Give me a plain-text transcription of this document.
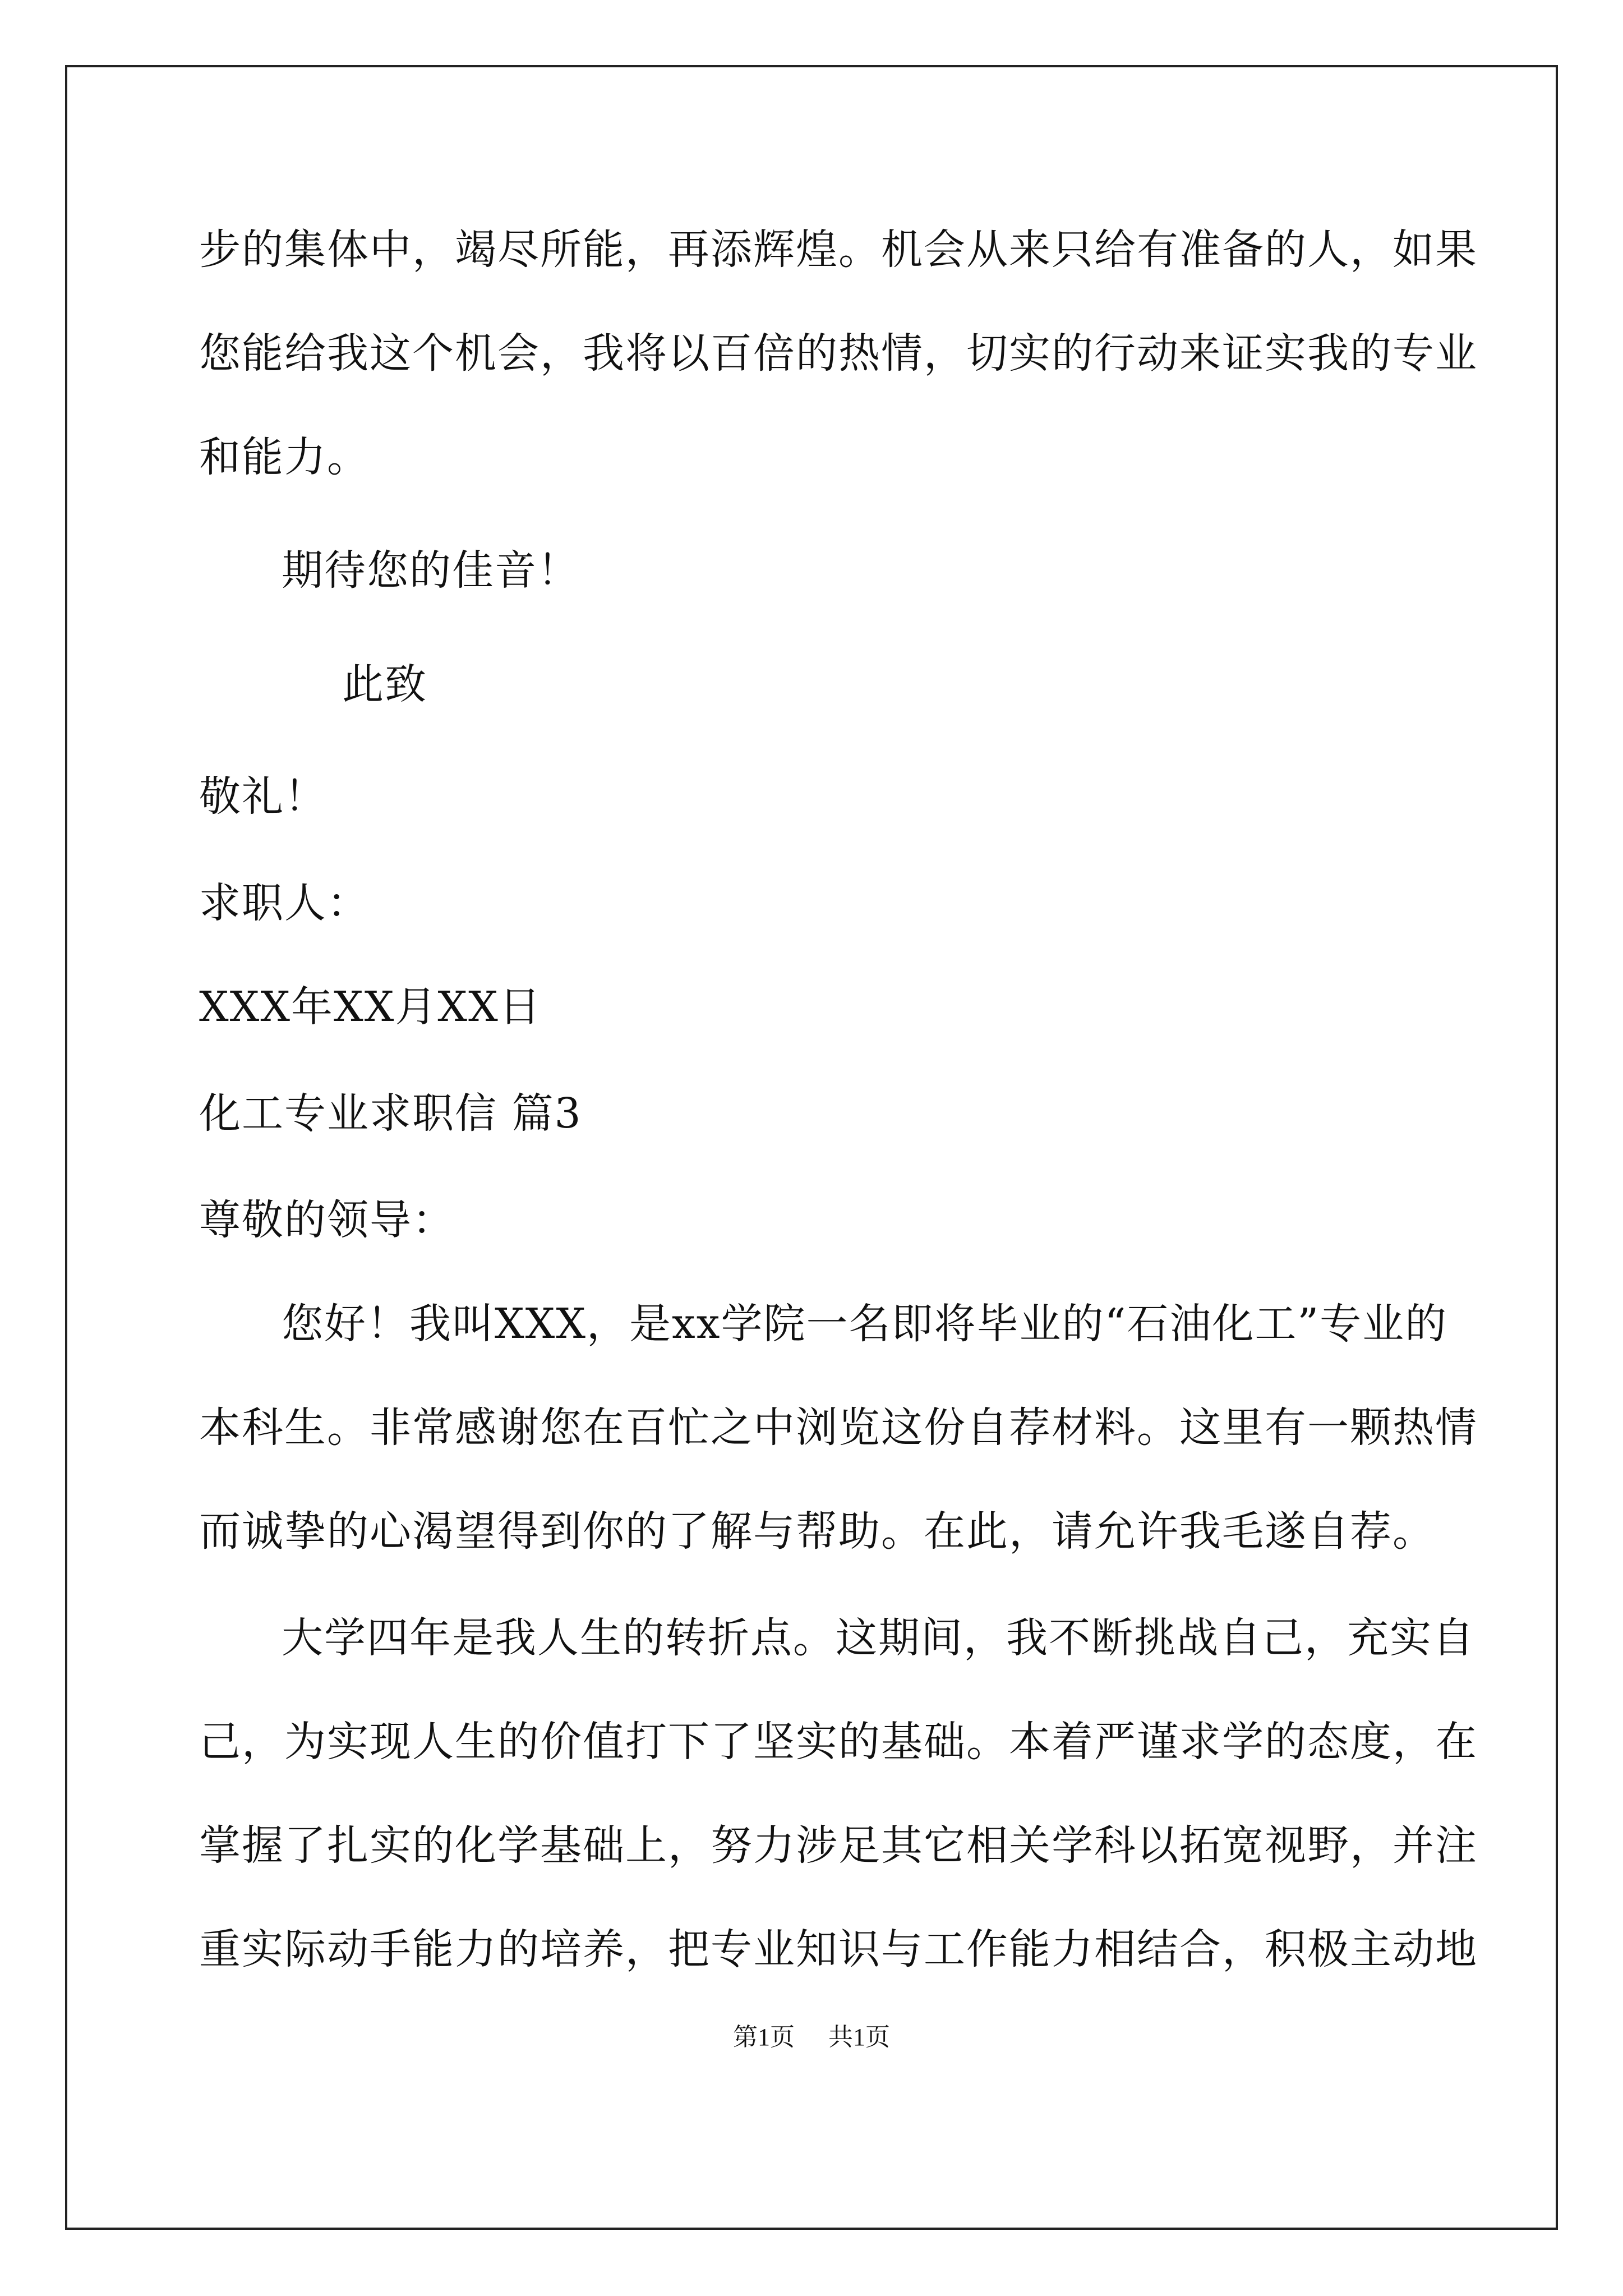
步的集体中，竭尽所能，再添辉煌。机会从来只给有准备的人，如果
您能给我这个机会，我将以百倍的热情，切实的行动来证实我的专业
和能力。
期待您的佳音！
此致
敬礼！
求职人：
XXX年XX月XX日
化工专业求职信 篇3
尊敬的领导：
您好！我叫XXX，是xx学院一名即将毕业的“石油化工”专业的
本科生。非常感谢您在百忙之中浏览这份自荐材料。这里有一颗热情
而诚挚的心渴望得到你的了解与帮助。在此，请允许我毛遂自荐。
大学四年是我人生的转折点。这期间，我不断挑战自己，充实自
己，为实现人生的价值打下了坚实的基础。本着严谨求学的态度，在
掌握了扎实的化学基础上，努力涉足其它相关学科以拓宽视野，并注
重实际动手能力的培养，把专业知识与工作能力相结合，积极主动地
第1页 共1页
